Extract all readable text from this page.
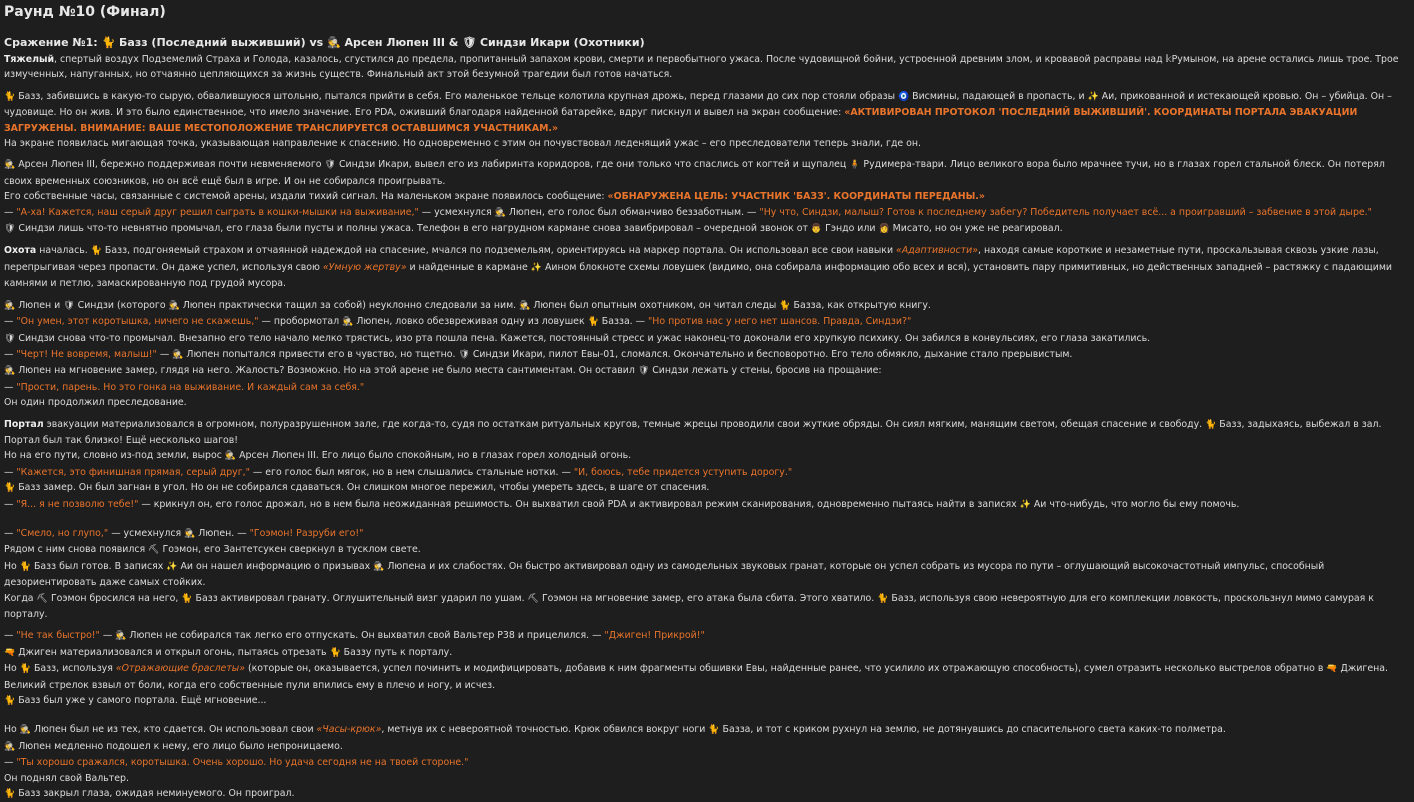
Раунд №10 (Финал)
Сражение №1: 🐈 Базз (Последний выживший) vs 🕵 Арсен Люпен III & 🛡 Синдзи Икари (Охотники)

Тяжелый, спертый воздух Подземелий Страха и Голода, казалось, сгустился до предела, пропитанный запахом крови, смерти и первобытного ужаса. После чудовищной бойни, устроенной древним злом, и кровавой расправы над 𝕜Румыном, на арене остались лишь трое. Трое измученных, напуганных, но отчаянно цепляющихся за жизнь существ. Финальный акт этой безумной трагедии был готов начаться.

🐈 Базз, забившись в какую-то сырую, обвалившуюся штольню, пытался прийти в себя. Его маленькое тельце колотила крупная дрожь, перед глазами до сих пор стояли образы 🧿 Висмины, падающей в пропасть, и ✨ Аи, прикованной и истекающей кровью. Он – убийца. Он – чудовище. Но он жив. И это было единственное, что имело значение. Его PDA, оживший благодаря найденной батарейке, вдруг пискнул и вывел на экран сообщение: «АКТИВИРОВАН ПРОТОКОЛ 'ПОСЛЕДНИЙ ВЫЖИВШИЙ'. КООРДИНАТЫ ПОРТАЛА ЭВАКУАЦИИ ЗАГРУЖЕНЫ. ВНИМАНИЕ: ВАШЕ МЕСТОПОЛОЖЕНИЕ ТРАНСЛИРУЕТСЯ ОСТАВШИМСЯ УЧАСТНИКАМ.»
На экране появилась мигающая точка, указывающая направление к спасению. Но одновременно с этим он почувствовал леденящий ужас – его преследователи теперь знали, где он.

🕵 Арсен Люпен III, бережно поддерживая почти невменяемого 🛡 Синдзи Икари, вывел его из лабиринта коридоров, где они только что спаслись от когтей и щупалец 🧍 Рудимера-твари. Лицо великого вора было мрачнее тучи, но в глазах горел стальной блеск. Он потерял своих временных союзников, но он всё ещё был в игре. И он не собирался проигрывать.
Его собственные часы, связанные с системой арены, издали тихий сигнал. На маленьком экране появилось сообщение: «ОБНАРУЖЕНА ЦЕЛЬ: УЧАСТНИК 'БАЗЗ'. КООРДИНАТЫ ПЕРЕДАНЫ.»
— "А-ха! Кажется, наш серый друг решил сыграть в кошки-мышки на выживание," — усмехнулся 🕵 Люпен, его голос был обманчиво беззаботным. — "Ну что, Синдзи, малыш? Готов к последнему забегу? Победитель получает всё... а проигравший – забвение в этой дыре."
🛡 Синдзи лишь что-то невнятно промычал, его глаза были пусты и полны ужаса. Телефон в его нагрудном кармане снова завибрировал – очередной звонок от 👨 Гэндо или 👩 Мисато, но он уже не реагировал.

Охота началась. 🐈 Базз, подгоняемый страхом и отчаянной надеждой на спасение, мчался по подземельям, ориентируясь на маркер портала. Он использовал все свои навыки «Адаптивности», находя самые короткие и незаметные пути, проскальзывая сквозь узкие лазы, перепрыгивая через пропасти. Он даже успел, используя свою «Умную жертву» и найденные в кармане ✨ Аином блокноте схемы ловушек (видимо, она собирала информацию обо всех и вся), установить пару примитивных, но действенных западней – растяжку с падающими камнями и петлю, замаскированную под грудой мусора.

🕵 Люпен и 🛡 Синдзи (которого 🕵 Люпен практически тащил за собой) неуклонно следовали за ним. 🕵 Люпен был опытным охотником, он читал следы 🐈 Базза, как открытую книгу.
— "Он умен, этот коротышка, ничего не скажешь," — пробормотал 🕵 Люпен, ловко обезвреживая одну из ловушек 🐈 Базза. — "Но против нас у него нет шансов. Правда, Синдзи?"
🛡 Синдзи снова что-то промычал. Внезапно его тело начало мелко трястись, изо рта пошла пена. Кажется, постоянный стресс и ужас наконец-то доконали его хрупкую психику. Он забился в конвульсиях, его глаза закатились.
— "Черт! Не вовремя, малыш!" — 🕵 Люпен попытался привести его в чувство, но тщетно. 🛡 Синдзи Икари, пилот Евы-01, сломался. Окончательно и бесповоротно. Его тело обмякло, дыхание стало прерывистым.
🕵 Люпен на мгновение замер, глядя на него. Жалость? Возможно. Но на этой арене не было места сантиментам. Он оставил 🛡 Синдзи лежать у стены, бросив на прощание:
— "Прости, парень. Но это гонка на выживание. И каждый сам за себя."
Он один продолжил преследование.

Портал эвакуации материализовался в огромном, полуразрушенном зале, где когда-то, судя по остаткам ритуальных кругов, темные жрецы проводили свои жуткие обряды. Он сиял мягким, манящим светом, обещая спасение и свободу. 🐈 Базз, задыхаясь, выбежал в зал. Портал был так близко! Ещё несколько шагов!
Но на его пути, словно из-под земли, вырос 🕵 Арсен Люпен III. Его лицо было спокойным, но в глазах горел холодный огонь.
— "Кажется, это финишная прямая, серый друг," — его голос был мягок, но в нем слышались стальные нотки. — "И, боюсь, тебе придется уступить дорогу."
🐈 Базз замер. Он был загнан в угол. Но он не собирался сдаваться. Он слишком многое пережил, чтобы умереть здесь, в шаге от спасения.
— "Я... я не позволю тебе!" — крикнул он, его голос дрожал, но в нем была неожиданная решимость. Он выхватил свой PDA и активировал режим сканирования, одновременно пытаясь найти в записях ✨ Аи что-нибудь, что могло бы ему помочь.

— "Смело, но глупо," — усмехнулся 🕵 Люпен. — "Гоэмон! Разруби его!"
Рядом с ним снова появился ⛏ Гоэмон, его Зантетсукен сверкнул в тусклом свете.
Но 🐈 Базз был готов. В записях ✨ Аи он нашел информацию о призывах 🕵 Люпена и их слабостях. Он быстро активировал одну из самодельных звуковых гранат, которые он успел собрать из мусора по пути – оглушающий высокочастотный импульс, способный дезориентировать даже самых стойких.
Когда ⛏ Гоэмон бросился на него, 🐈 Базз активировал гранату. Оглушительный визг ударил по ушам. ⛏ Гоэмон на мгновение замер, его атака была сбита. Этого хватило. 🐈 Базз, используя свою невероятную для его комплекции ловкость, проскользнул мимо самурая к порталу.

— "Не так быстро!" — 🕵 Люпен не собирался так легко его отпускать. Он выхватил свой Вальтер P38 и прицелился. — "Джиген! Прикрой!"
🔫 Джиген материализовался и открыл огонь, пытаясь отрезать 🐈 Баззу путь к порталу.
Но 🐈 Базз, используя «Отражающие браслеты» (которые он, оказывается, успел починить и модифицировать, добавив к ним фрагменты обшивки Евы, найденные ранее, что усилило их отражающую способность), сумел отразить несколько выстрелов обратно в 🔫 Джигена. Великий стрелок взвыл от боли, когда его собственные пули впились ему в плечо и ногу, и исчез.
🐈 Базз был уже у самого портала. Ещё мгновение...

Но 🕵 Люпен был не из тех, кто сдается. Он использовал свои «Часы-крюк», метнув их с невероятной точностью. Крюк обвился вокруг ноги 🐈 Базза, и тот с криком рухнул на землю, не дотянувшись до спасительного света каких-то полметра.
🕵 Люпен медленно подошел к нему, его лицо было непроницаемо.
— "Ты хорошо сражался, коротышка. Очень хорошо. Но удача сегодня не на твоей стороне."
Он поднял свой Вальтер.
🐈 Базз закрыл глаза, ожидая неминуемого. Он проиграл.
